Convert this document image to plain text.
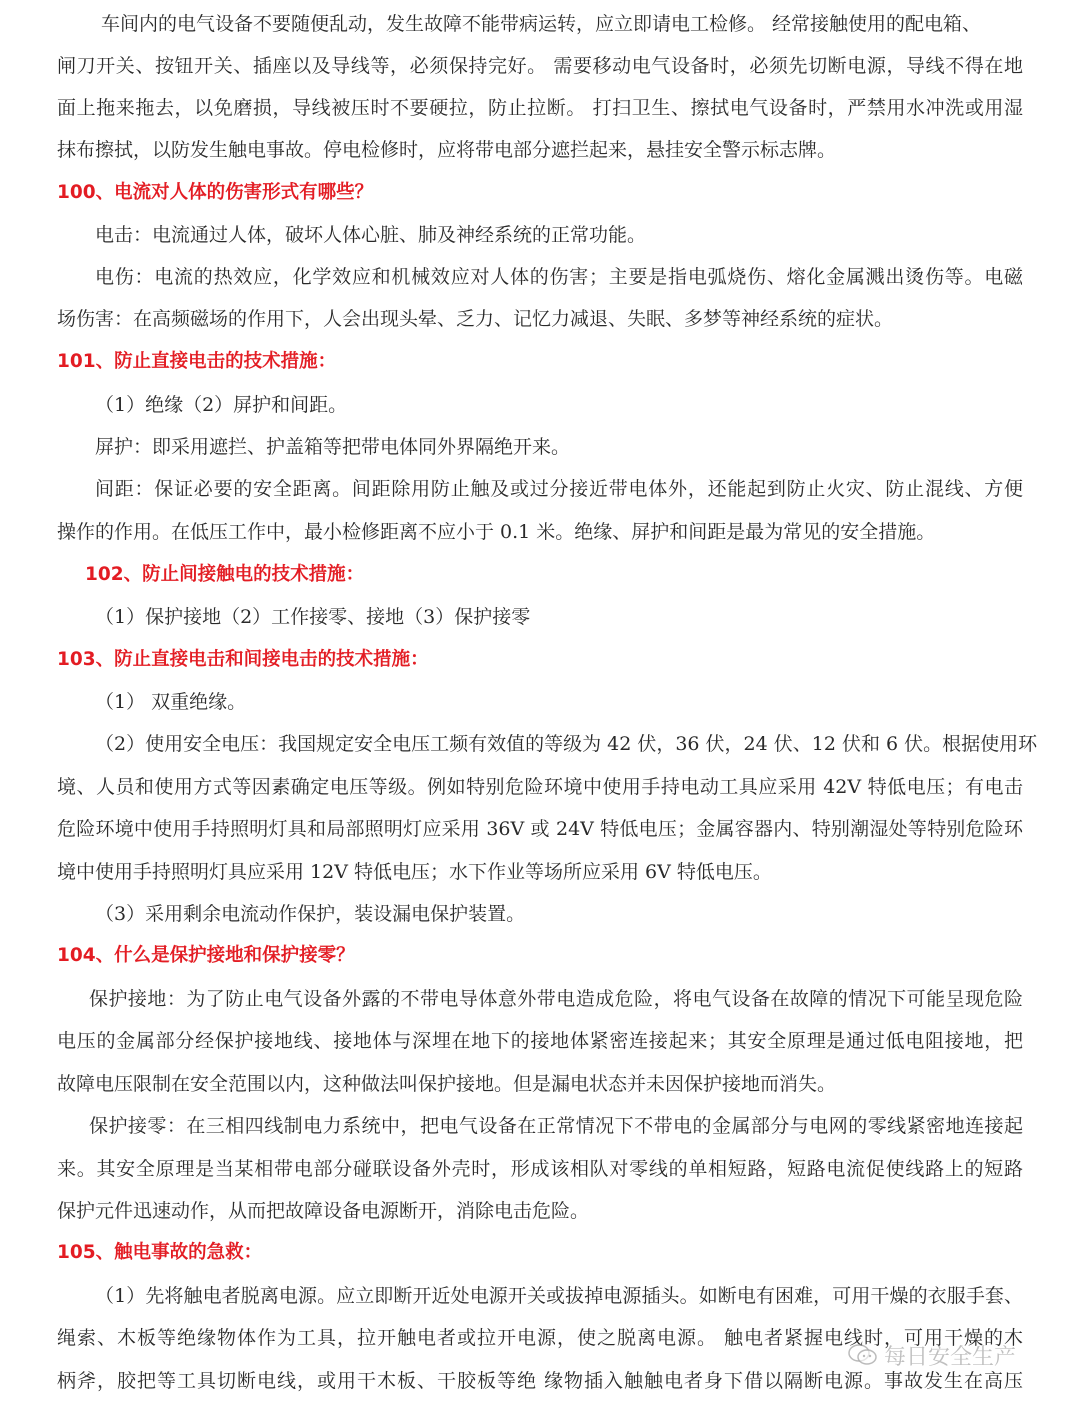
车间内的电气设备不要随便乱动，发生故障不能带病运转，应立即请电工检修。 经常接触使用的配电箱、
闸刀开关、按钮开关、插座以及导线等，必须保持完好。 需要移动电气设备时，必须先切断电源，导线不得在地
面上拖来拖去，以免磨损，导线被压时不要硬拉，防止拉断。 打扫卫生、擦拭电气设备时，严禁用水冲洗或用湿
抹布擦拭，以防发生触电事故。停电检修时，应将带电部分遮拦起来，悬挂安全警示标志牌。
100、电流对人体的伤害形式有哪些？
电击：电流通过人体，破坏人体心脏、肺及神经系统的正常功能。
电伤：电流的热效应，化学效应和机械效应对人体的伤害；主要是指电弧烧伤、熔化金属溅出烫伤等。电磁
场伤害：在高频磁场的作用下，人会出现头晕、乏力、记忆力减退、失眠、多梦等神经系统的症状。
101、防止直接电击的技术措施：
（1）绝缘（2）屏护和间距。
屏护：即采用遮拦、护盖箱等把带电体同外界隔绝开来。
间距：保证必要的安全距离。间距除用防止触及或过分接近带电体外，还能起到防止火灾、防止混线、方便
操作的作用。在低压工作中，最小检修距离不应小于 0.1 米。绝缘、屏护和间距是最为常见的安全措施。
102、防止间接触电的技术措施：
（1）保护接地（2）工作接零、接地（3）保护接零
103、防止直接电击和间接电击的技术措施：
（1） 双重绝缘。
（2）使用安全电压：我国规定安全电压工频有效值的等级为 42 伏，36 伏，24 伏、12 伏和 6 伏。根据使用环
境、人员和使用方式等因素确定电压等级。例如特别危险环境中使用手持电动工具应采用 42V 特低电压；有电击
危险环境中使用手持照明灯具和局部照明灯应采用 36V 或 24V 特低电压；金属容器内、特别潮湿处等特别危险环
境中使用手持照明灯具应采用 12V 特低电压；水下作业等场所应采用 6V 特低电压。
（3）采用剩余电流动作保护，装设漏电保护装置。
104、什么是保护接地和保护接零？
保护接地：为了防止电气设备外露的不带电导体意外带电造成危险，将电气设备在故障的情况下可能呈现危险
电压的金属部分经保护接地线、接地体与深埋在地下的接地体紧密连接起来；其安全原理是通过低电阻接地，把
故障电压限制在安全范围以内，这种做法叫保护接地。但是漏电状态并未因保护接地而消失。
保护接零：在三相四线制电力系统中，把电气设备在正常情况下不带电的金属部分与电网的零线紧密地连接起
来。其安全原理是当某相带电部分碰联设备外壳时，形成该相队对零线的单相短路，短路电流促使线路上的短路
保护元件迅速动作，从而把故障设备电源断开，消除电击危险。
105、触电事故的急救：
（1）先将触电者脱离电源。应立即断开近处电源开关或拔掉电源插头。如断电有困难，可用干燥的衣服手套、
绳索、木板等绝缘物体作为工具，拉开触电者或拉开电源，使之脱离电源。 触电者紧握电线时，可用干燥的木
柄斧，胶把等工具切断电线，或用干木板、干胶板等绝 缘物插入触触电者身下借以隔断电源。事故发生在高压
每日安全生产
